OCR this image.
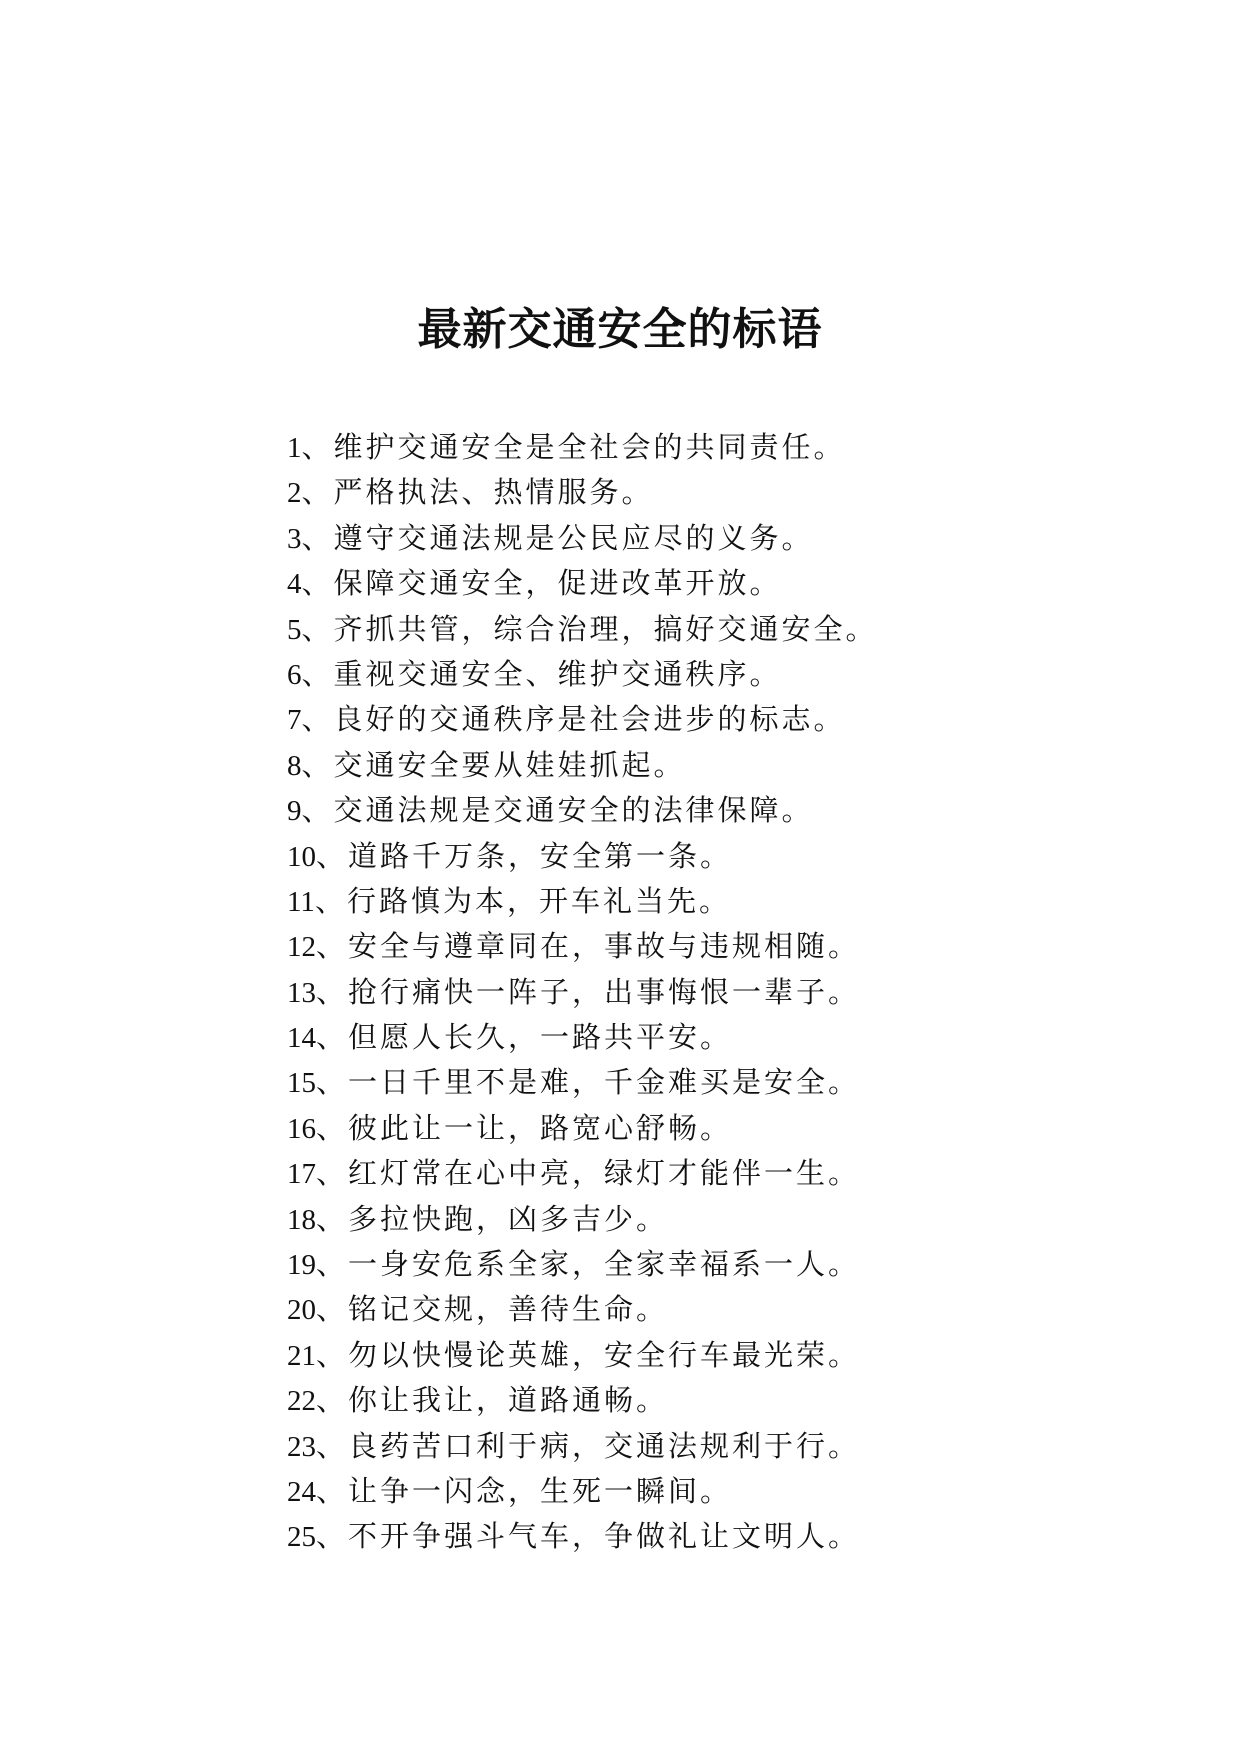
最新交通安全的标语
1、维护交通安全是全社会的共同责任。
2、严格执法、热情服务。
3、遵守交通法规是公民应尽的义务。
4、保障交通安全，促进改革开放。
5、齐抓共管，综合治理，搞好交通安全。
6、重视交通安全、维护交通秩序。
7、良好的交通秩序是社会进步的标志。
8、交通安全要从娃娃抓起。
9、交通法规是交通安全的法律保障。
10、道路千万条，安全第一条。
11、行路慎为本，开车礼当先。
12、安全与遵章同在，事故与违规相随。
13、抢行痛快一阵子，出事悔恨一辈子。
14、但愿人长久，一路共平安。
15、一日千里不是难，千金难买是安全。
16、彼此让一让，路宽心舒畅。
17、红灯常在心中亮，绿灯才能伴一生。
18、多拉快跑，凶多吉少。
19、一身安危系全家，全家幸福系一人。
20、铭记交规，善待生命。
21、勿以快慢论英雄，安全行车最光荣。
22、你让我让，道路通畅。
23、良药苦口利于病，交通法规利于行。
24、让争一闪念，生死一瞬间。
25、不开争强斗气车，争做礼让文明人。
